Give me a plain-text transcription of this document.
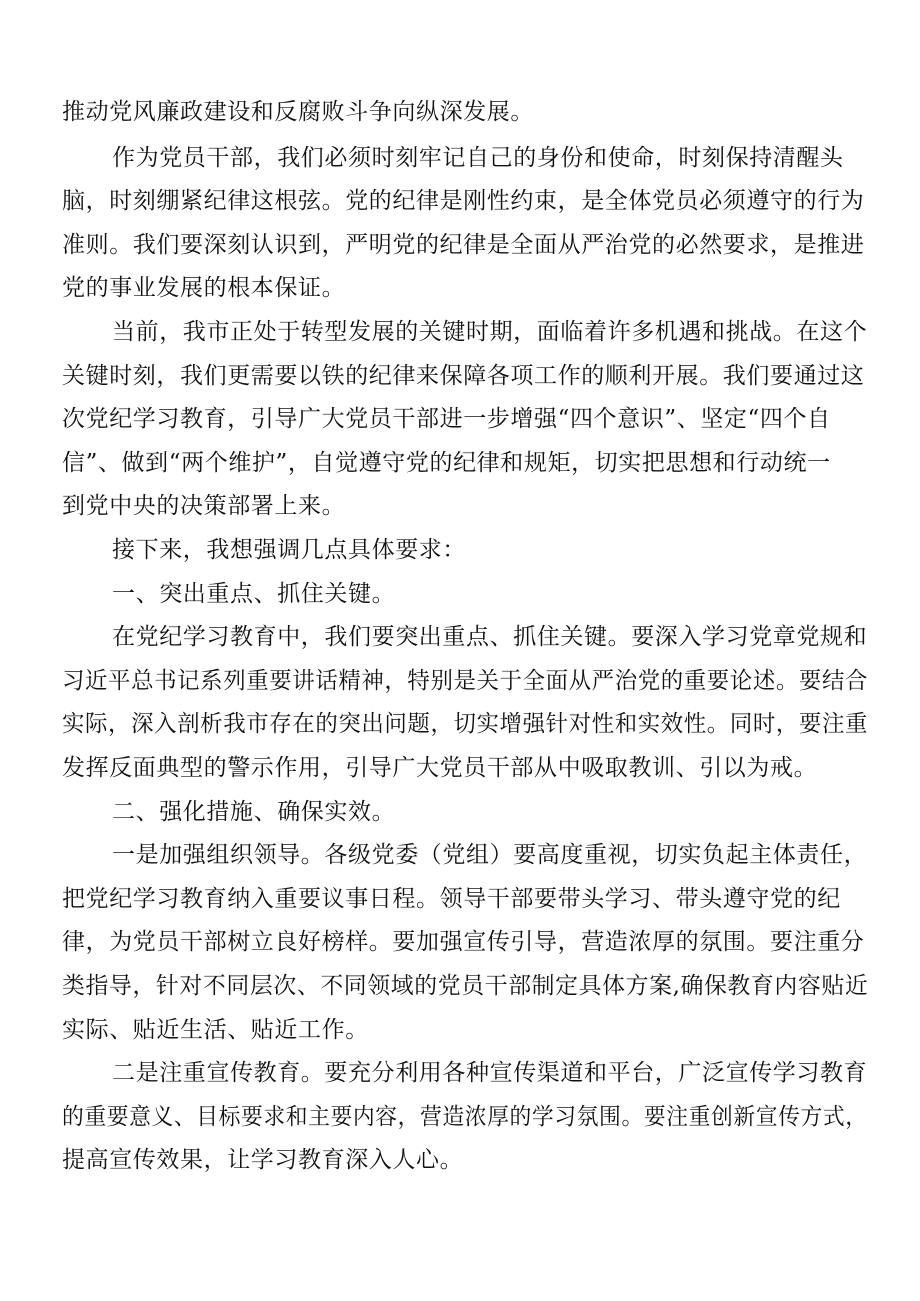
推动党风廉政建设和反腐败斗争向纵深发展。
作为党员干部，我们必须时刻牢记自己的身份和使命，时刻保持清醒头
脑，时刻绷紧纪律这根弦。党的纪律是刚性约束，是全体党员必须遵守的行为
准则。我们要深刻认识到，严明党的纪律是全面从严治党的必然要求，是推进
党的事业发展的根本保证。
当前，我市正处于转型发展的关键时期，面临着许多机遇和挑战。在这个
关键时刻，我们更需要以铁的纪律来保障各项工作的顺利开展。我们要通过这
次党纪学习教育，引导广大党员干部进一步增强“四个意识”、坚定“四个自
信”、做到“两个维护”，自觉遵守党的纪律和规矩，切实把思想和行动统一
到党中央的决策部署上来。
接下来，我想强调几点具体要求：
一、突出重点、抓住关键。
在党纪学习教育中，我们要突出重点、抓住关键。要深入学习党章党规和
习近平总书记系列重要讲话精神，特别是关于全面从严治党的重要论述。要结合
实际，深入剖析我市存在的突出问题，切实增强针对性和实效性。同时，要注重
发挥反面典型的警示作用，引导广大党员干部从中吸取教训、引以为戒。
二、强化措施、确保实效。
一是加强组织领导。各级党委（党组）要高度重视，切实负起主体责任，
把党纪学习教育纳入重要议事日程。领导干部要带头学习、带头遵守党的纪
律，为党员干部树立良好榜样。要加强宣传引导，营造浓厚的氛围。要注重分
类指导，针对不同层次、不同领域的党员干部制定具体方案,确保教育内容贴近
实际、贴近生活、贴近工作。
二是注重宣传教育。要充分利用各种宣传渠道和平台，广泛宣传学习教育
的重要意义、目标要求和主要内容，营造浓厚的学习氛围。要注重创新宣传方式，
提高宣传效果，让学习教育深入人心。
